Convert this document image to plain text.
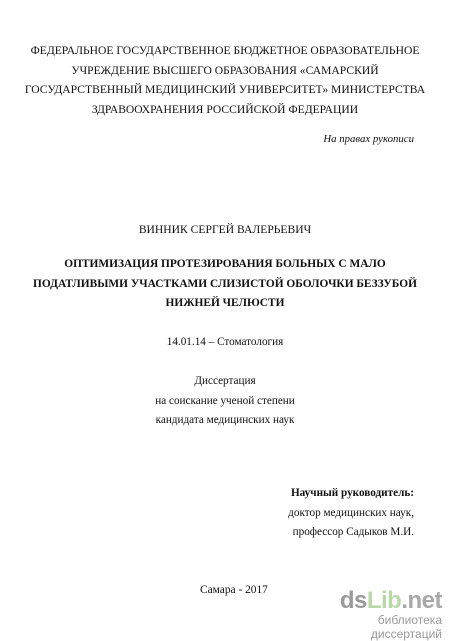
ФЕДЕРАЛЬНОЕ ГОСУДАРСТВЕННОЕ БЮДЖЕТНОЕ ОБРАЗОВАТЕЛЬНОЕ
УЧРЕЖДЕНИЕ ВЫСШЕГО ОБРАЗОВАНИЯ «САМАРСКИЙ
ГОСУДАРСТВЕННЫЙ МЕДИЦИНСКИЙ УНИВЕРСИТЕТ» МИНИСТЕРСТВА
ЗДРАВООХРАНЕНИЯ РОССИЙСКОЙ ФЕДЕРАЦИИ
На правах рукописи
ВИННИК СЕРГЕЙ ВАЛЕРЬЕВИЧ
ОПТИМИЗАЦИЯ ПРОТЕЗИРОВАНИЯ БОЛЬНЫХ С МАЛО
ПОДАТЛИВЫМИ УЧАСТКАМИ СЛИЗИСТОЙ ОБОЛОЧКИ БЕЗЗУБОЙ
НИЖНЕЙ ЧЕЛЮСТИ
14.01.14 – Стоматология
Диссертация
на соискание ученой степени
кандидата медицинских наук
Научный руководитель:
доктор медицинских наук,
профессор Садыков М.И.
Самара - 2017	dsLib.net
библиотека диссертаций
